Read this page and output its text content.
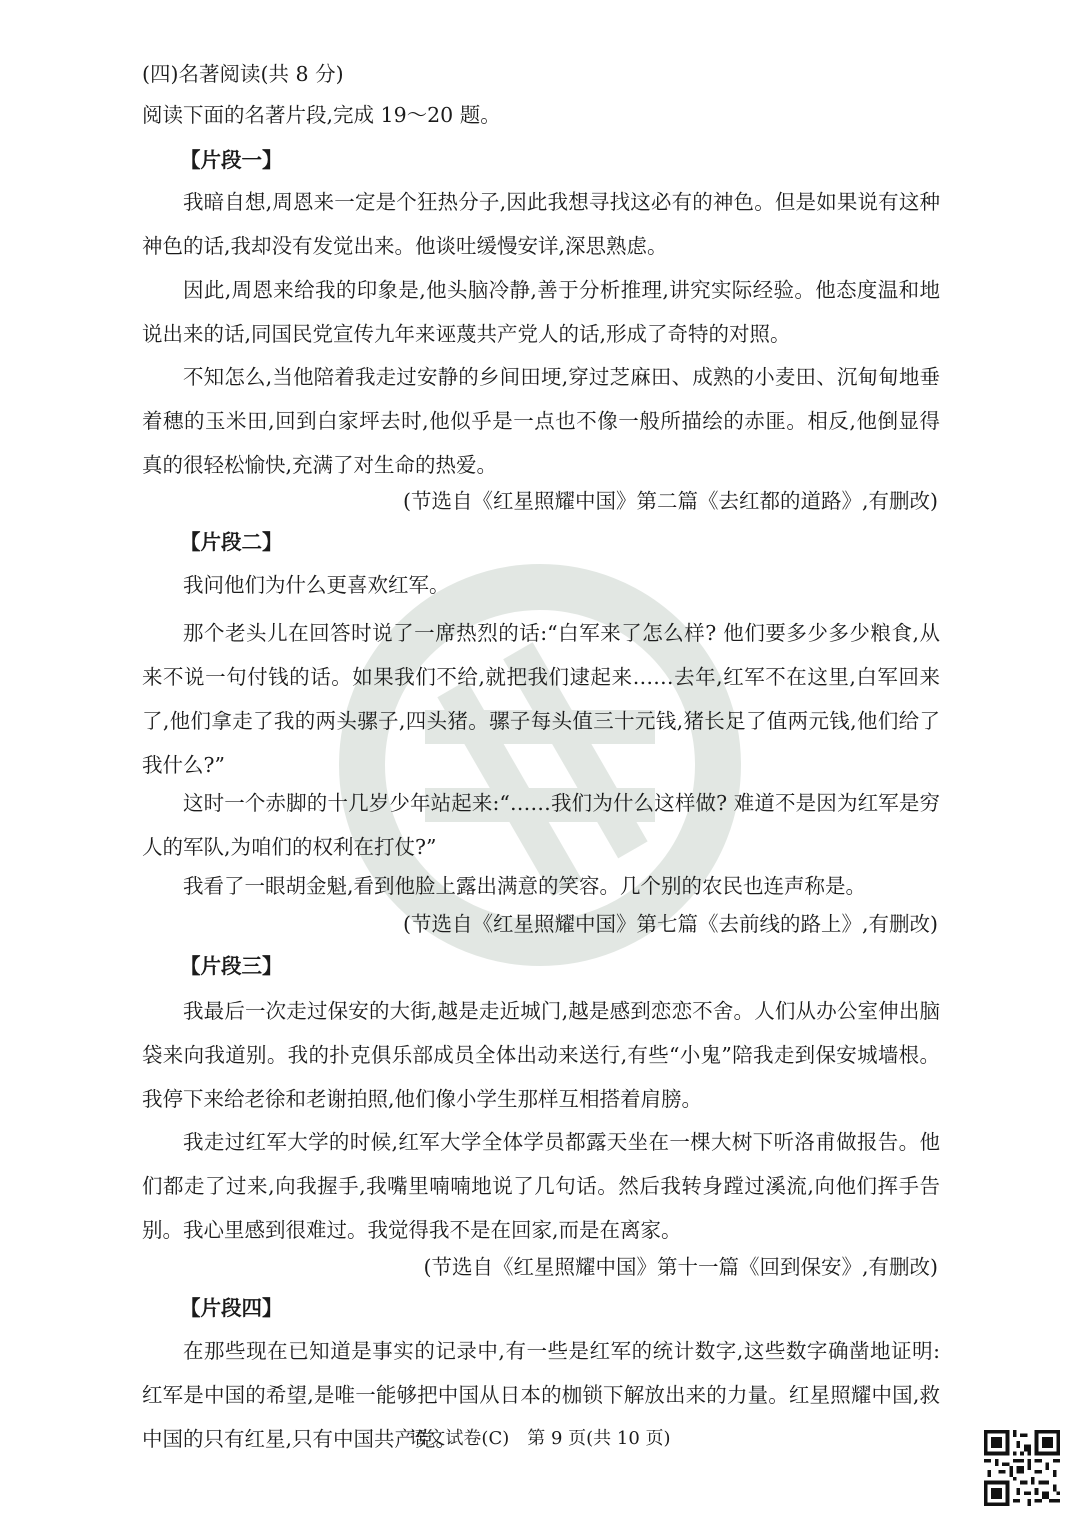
(四)名著阅读(共 8 分)
阅读下面的名著片段,完成 19～20 题。
【片段一】
我暗自想,周恩来一定是个狂热分子,因此我想寻找这必有的神色。但是如果说有这种神色的话,我却没有发觉出来。他谈吐缓慢安详,深思熟虑。
因此,周恩来给我的印象是,他头脑冷静,善于分析推理,讲究实际经验。他态度温和地说出来的话,同国民党宣传九年来诬蔑共产党人的话,形成了奇特的对照。
不知怎么,当他陪着我走过安静的乡间田埂,穿过芝麻田、成熟的小麦田、沉甸甸地垂着穗的玉米田,回到白家坪去时,他似乎是一点也不像一般所描绘的赤匪。相反,他倒显得真的很轻松愉快,充满了对生命的热爱。
(节选自《红星照耀中国》第二篇《去红都的道路》,有删改)
【片段二】
我问他们为什么更喜欢红军。
那个老头儿在回答时说了一席热烈的话:“白军来了怎么样? 他们要多少多少粮食,从来不说一句付钱的话。如果我们不给,就把我们逮起来……去年,红军不在这里,白军回来了,他们拿走了我的两头骡子,四头猪。骡子每头值三十元钱,猪长足了值两元钱,他们给了我什么?”
这时一个赤脚的十几岁少年站起来:“……我们为什么这样做? 难道不是因为红军是穷人的军队,为咱们的权利在打仗?”
我看了一眼胡金魁,看到他脸上露出满意的笑容。几个别的农民也连声称是。
(节选自《红星照耀中国》第七篇《去前线的路上》,有删改)
【片段三】
我最后一次走过保安的大街,越是走近城门,越是感到恋恋不舍。人们从办公室伸出脑袋来向我道别。我的扑克俱乐部成员全体出动来送行,有些“小鬼”陪我走到保安城墙根。我停下来给老徐和老谢拍照,他们像小学生那样互相搭着肩膀。
我走过红军大学的时候,红军大学全体学员都露天坐在一棵大树下听洛甫做报告。他们都走了过来,向我握手,我嘴里喃喃地说了几句话。然后我转身蹚过溪流,向他们挥手告别。我心里感到很难过。我觉得我不是在回家,而是在离家。
(节选自《红星照耀中国》第十一篇《回到保安》,有删改)
【片段四】
在那些现在已知道是事实的记录中,有一些是红军的统计数字,这些数字确凿地证明:红军是中国的希望,是唯一能够把中国从日本的枷锁下解放出来的力量。红星照耀中国,救中国的只有红星,只有中国共产党。
语文试卷(C)　第 9 页(共 10 页)
